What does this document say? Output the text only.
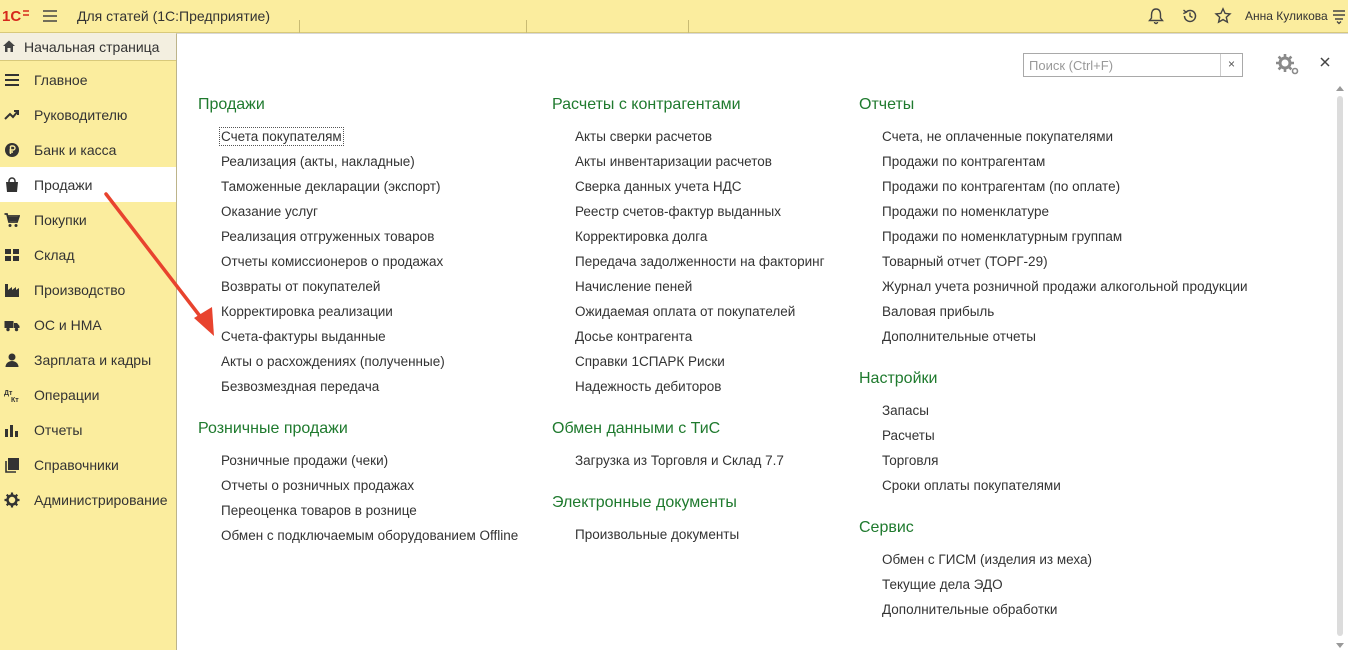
1С	Для статей (1С:Предприятие)	Анна Куликова
Начальная страница
Главное
Руководителю
Банк и касса
Продажи
Покупки
Склад
Производство
ОС и НМА
Зарплата и кадры
Дт
Кт Операции
Отчеты
Справочники
Администрирование
Поиск (Ctrl+F)
×
Продажи
Счета покупателям
Реализация (акты, накладные)
Таможенные декларации (экспорт)
Оказание услуг
Реализация отгруженных товаров
Отчеты комиссионеров о продажах
Возвраты от покупателей
Корректировка реализации
Счета-фактуры выданные
Акты о расхождениях (полученные)
Безвозмездная передача
Розничные продажи
Розничные продажи (чеки)
Отчеты о розничных продажах
Переоценка товаров в рознице
Обмен с подключаемым оборудованием Offline
Расчеты с контрагентами
Акты сверки расчетов
Акты инвентаризации расчетов
Сверка данных учета НДС
Реестр счетов-фактур выданных
Корректировка долга
Передача задолженности на факторинг
Начисление пеней
Ожидаемая оплата от покупателей
Досье контрагента
Справки 1СПАРК Риски
Надежность дебиторов
Обмен данными с ТиС
Загрузка из Торговля и Склад 7.7
Электронные документы
Произвольные документы
Отчеты
Счета, не оплаченные покупателями
Продажи по контрагентам
Продажи по контрагентам (по оплате)
Продажи по номенклатуре
Продажи по номенклатурным группам
Товарный отчет (ТОРГ-29)
Журнал учета розничной продажи алкогольной продукции
Валовая прибыль
Дополнительные отчеты
Настройки
Запасы
Расчеты
Торговля
Сроки оплаты покупателями
Сервис
Обмен с ГИСМ (изделия из меха)
Текущие дела ЭДО
Дополнительные обработки
